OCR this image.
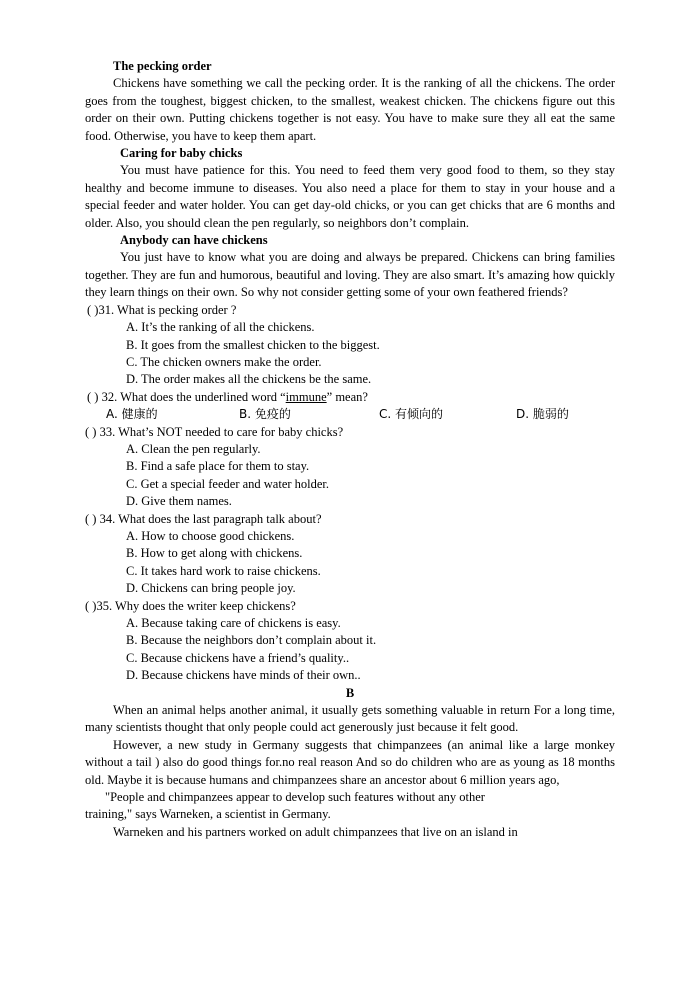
The pecking order

Chickens have something we call the pecking order. It is the ranking of all the chickens. The order goes from the toughest, biggest chicken, to the smallest, weakest chicken. The chickens figure out this order on their own. Putting chickens together is not easy. You have to make sure they all eat the same food. Otherwise, you have to keep them apart.

Caring for baby chicks

You must have patience for this. You need to feed them very good food to them, so they stay healthy and become immune to diseases. You also need a place for them to stay in your house and a special feeder and water holder. You can get day-old chicks, or you can get chicks that are 6 months and older. Also, you should clean the pen regularly, so neighbors don’t complain.

Anybody can have chickens

You just have to know what you are doing and always be prepared. Chickens can bring families together. They are fun and humorous, beautiful and loving. They are also smart. It’s amazing how quickly they learn things on their own. So why not consider getting some of your own feathered friends?

( )31. What is pecking order ?
A. It’s the ranking of all the chickens.
B. It goes from the smallest chicken to the biggest.
C. The chicken owners make the order.
D. The order makes all the chickens be the same.
( ) 32. What does the underlined word “immune” mean?
A. 健康的	B. 免疫的	C. 有倾向的	D. 脆弱的
( ) 33. What’s NOT needed to care for baby chicks?
A. Clean the pen regularly.
B. Find a safe place for them to stay.
C. Get a special feeder and water holder.
D. Give them names.
( ) 34. What does the last paragraph talk about?
A. How to choose good chickens.
B. How to get along with chickens.
C. It takes hard work to raise chickens.
D. Chickens can bring people joy.
( )35. Why does the writer keep chickens?
A. Because taking care of chickens is easy.
B. Because the neighbors don’t complain about it.
C. Because chickens have a friend’s quality..
D. Because chickens have minds of their own..
B

When an animal helps another animal, it usually gets something valuable in return For a long time, many scientists thought that only people could act generously just because it felt good.

However, a new study in Germany suggests that chimpanzees (an animal like a large monkey without a tail ) also do good things for.no real reason And so do children who are as young as 18 months old. Maybe it is because humans and chimpanzees share an ancestor about 6 million years ago,

"People and chimpanzees appear to develop such features without any other
training," says Warneken, a scientist in Germany.

Warneken and his partners worked on adult chimpanzees that live on an island in
